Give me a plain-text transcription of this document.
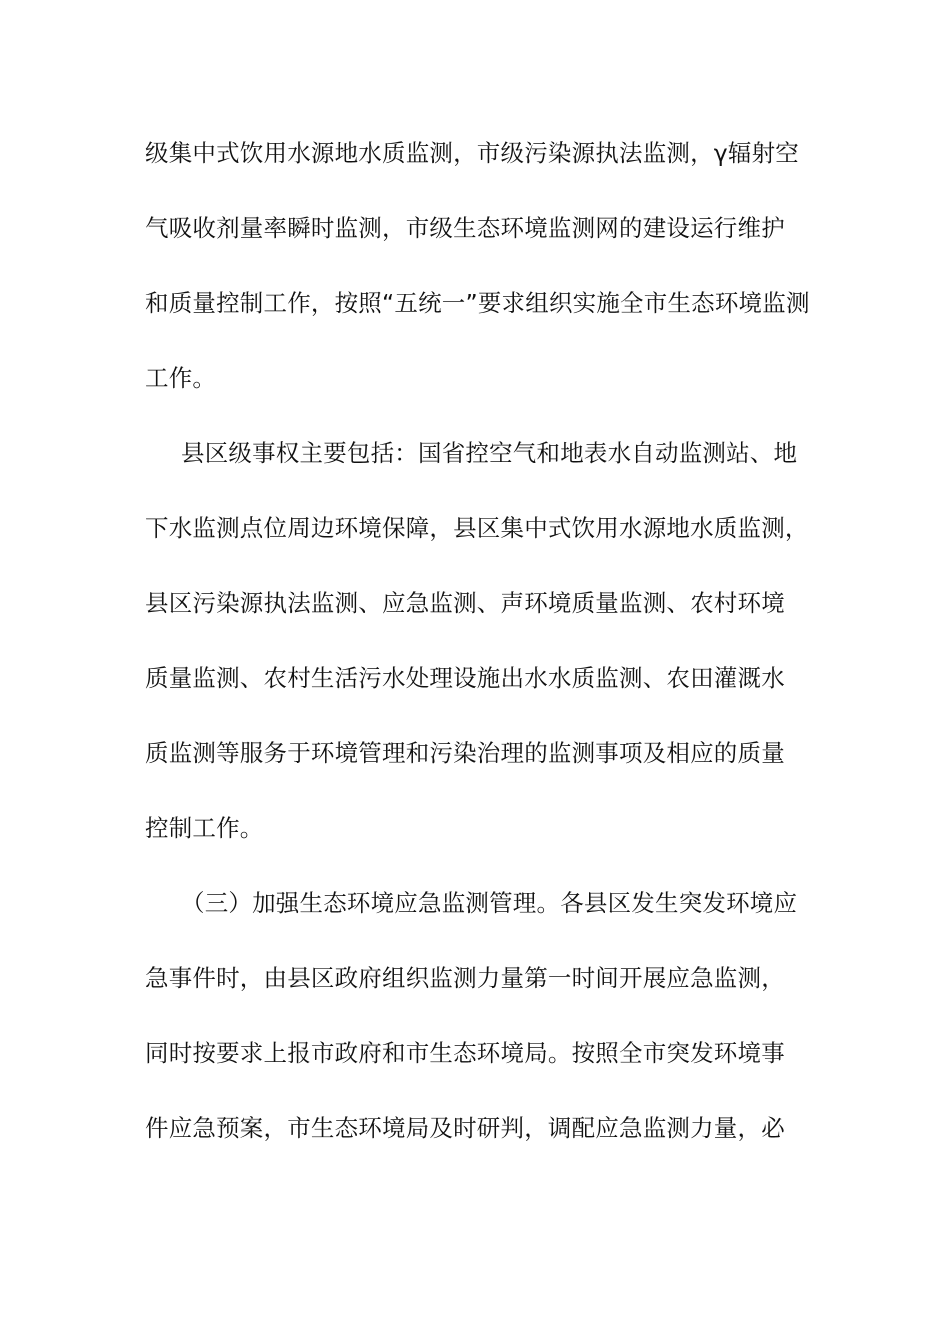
级集中式饮用水源地水质监测，市级污染源执法监测，γ辐射空
气吸收剂量率瞬时监测，市级生态环境监测网的建设运行维护
和质量控制工作，按照“五统一”要求组织实施全市生态环境监测
工作。
县区级事权主要包括：国省控空气和地表水自动监测站、地
下水监测点位周边环境保障，县区集中式饮用水源地水质监测，
县区污染源执法监测、应急监测、声环境质量监测、农村环境
质量监测、农村生活污水处理设施出水水质监测、农田灌溉水
质监测等服务于环境管理和污染治理的监测事项及相应的质量
控制工作。
（三）加强生态环境应急监测管理。各县区发生突发环境应
急事件时，由县区政府组织监测力量第一时间开展应急监测，
同时按要求上报市政府和市生态环境局。按照全市突发环境事
件应急预案，市生态环境局及时研判，调配应急监测力量，必
